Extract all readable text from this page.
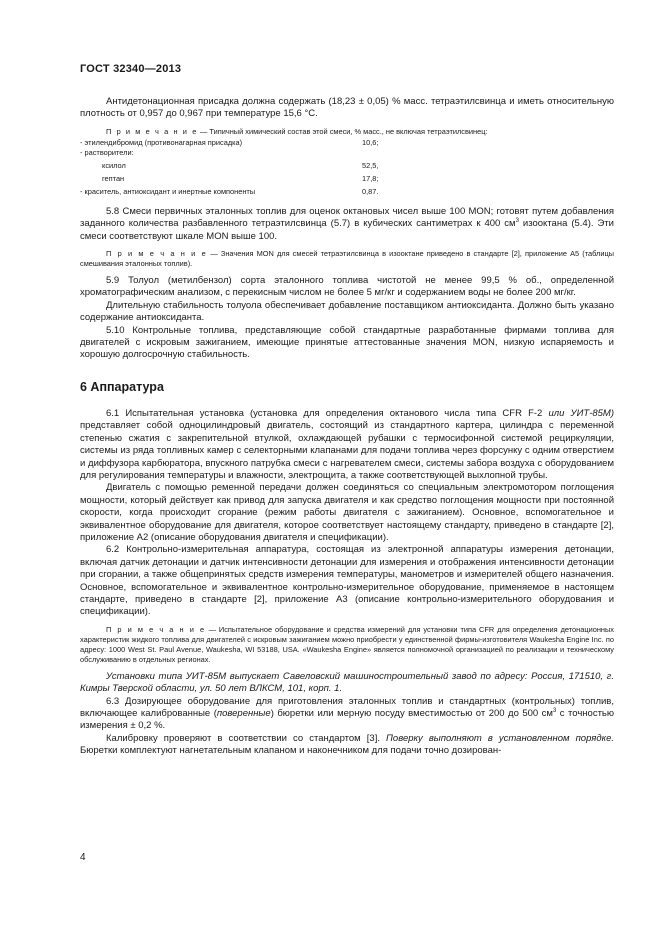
ГОСТ 32340—2013

Антидетонационная присадка должна содержать (18,23 ± 0,05) % масс. тетраэтилсвинца и иметь относительную плотность от 0,957 до 0,967 при температуре 15,6 °С.

П р и м е ч а н и е — Типичный химический состав этой смеси, % масс., не включая тетраэтилсвинец:

- этилендибромид (противонагарная присадка)	10,6;
- растворители:
ксилол	52,5,
гептан	17,8;
- краситель, антиоксидант и инертные компоненты	0,87.

5.8 Смеси первичных эталонных топлив для оценок октановых чисел выше 100 MON; готовят путем добавления заданного количества разбавленного тетраэтилсвинца (5.7) в кубических сантиметрах к 400 $см^3$ изооктана (5.4). Эти смеси соответствуют шкале MON выше 100.

П р и м е ч а н и е — Значения MON для смесей тетраэтилсвинца в изооктане приведено в стандарте [2], приложение А5 (таблицы смешивания эталонных топлив).

5.9 Толуол (метилбензол) сорта эталонного топлива чистотой не менее 99,5 % об., определенной хроматографическим анализом, с перекисным числом не более 5 мг/кг и содержанием воды не более 200 мг/кг.

Длительную стабильность толуола обеспечивает добавление поставщиком антиоксиданта. Должно быть указано содержание антиоксиданта.

5.10 Контрольные топлива, представляющие собой стандартные разработанные фирмами топлива для двигателей с искровым зажиганием, имеющие принятые аттестованные значения MON, низкую испаряемость и хорошую долгосрочную стабильность.

6 Аппаратура

6.1 Испытательная установка (установка для определения октанового числа типа CFR F-2 или УИТ-85М) представляет собой одноцилиндровый двигатель, состоящий из стандартного картера, цилиндра с переменной степенью сжатия с закрепительной втулкой, охлаждающей рубашки с термосифонной системой рециркуляции, системы из ряда топливных камер с селекторными клапанами для подачи топлива через форсунку с одним отверстием и диффузора карбюратора, впускного патрубка смеси с нагревателем смеси, системы забора воздуха с оборудованием для регулирования температуры и влажности, электрощита, а также соответствующей выхлопной трубы.

Двигатель с помощью ременной передачи должен соединяться со специальным электромотором поглощения мощности, который действует как привод для запуска двигателя и как средство поглощения мощности при постоянной скорости, когда происходит сгорание (режим работы двигателя с зажиганием). Основное, вспомогательное и эквивалентное оборудование для двигателя, которое соответствует настоящему стандарту, приведено в стандарте [2], приложение А2 (описание оборудования двигателя и спецификации).

6.2 Контрольно-измерительная аппаратура, состоящая из электронной аппаратуры измерения детонации, включая датчик детонации и датчик интенсивности детонации для измерения и отображения интенсивности детонации при сгорании, а также общепринятых средств измерения температуры, манометров и измерителей общего назначения. Основное, вспомогательное и эквивалентное контрольно-измерительное оборудование, применяемое в настоящем стандарте, приведено в стандарте [2], приложение А3 (описание контрольно-измерительного оборудования и спецификации).

П р и м е ч а н и е — Испытательное оборудование и средства измерений для установки типа CFR для определения детонационных характеристик жидкого топлива для двигателей с искровым зажиганием можно приобрести у единственной фирмы-изготовителя Waukesha Engine Inc. по адресу: 1000 West St. Paul Avenue, Waukesha, WI 53188, USA. «Waukesha Engine» является полномочной организацией по реализации и техническому обслуживанию в отдельных регионах.

Установки типа УИТ-85М выпускает Савеловский машиностроительный завод по адресу: Россия, 171510, г. Кимры Тверской области, ул. 50 лет ВЛКСМ, 101, корп. 1.

6.3 Дозирующее оборудование для приготовления эталонных топлив и стандартных (контрольных) топлив, включающее калиброванные (поверенные) бюретки или мерную посуду вместимостью от 200 до 500 $см^3$ с точностью измерения ± 0,2 %.

Калибровку проверяют в соответствии со стандартом [3]. Поверку выполняют в установленном порядке. Бюретки комплектуют нагнетательным клапаном и наконечником для подачи точно дозирован-

4
